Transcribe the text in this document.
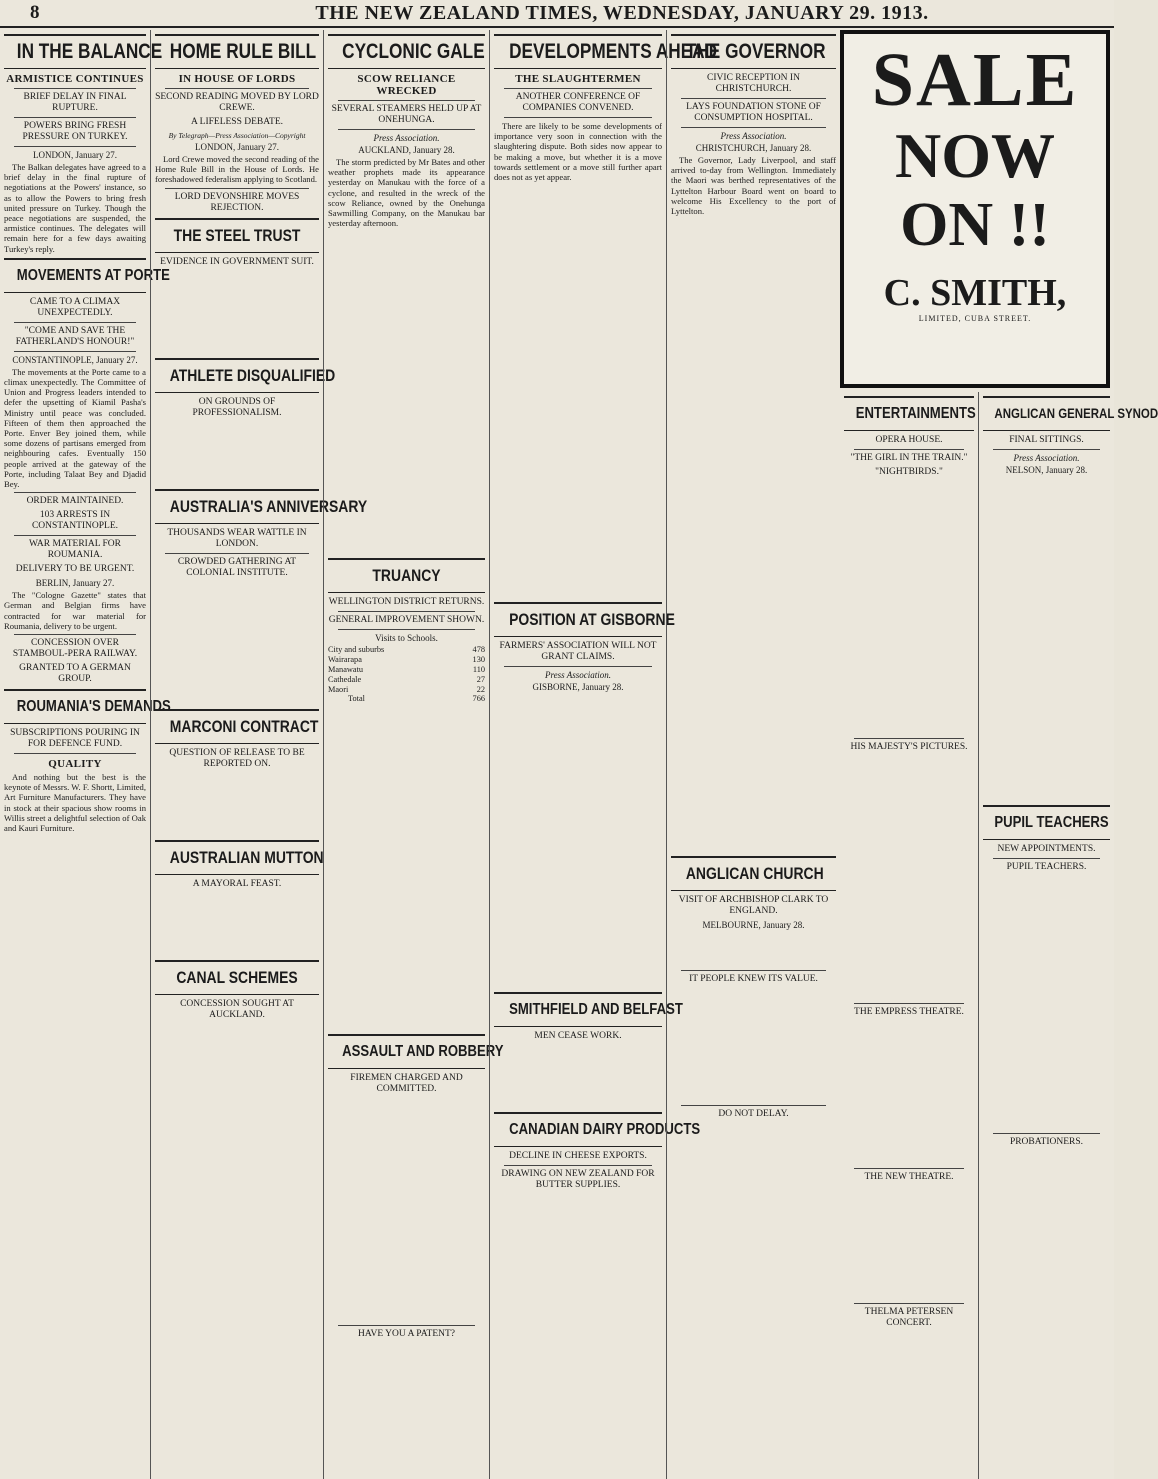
8	THE NEW ZEALAND TIMES, WEDNESDAY, JANUARY 29. 1913.
IN THE BALANCE
ARMISTICE CONTINUES
BRIEF DELAY IN FINAL RUPTURE.
POWERS BRING FRESH PRESSURE ON TURKEY.
LONDON, January 27.

The Balkan delegates have agreed to a brief delay in the final rupture of negotiations at the Powers' instance, so as to allow the Powers to bring fresh united pressure on Turkey. Though the peace negotiations are suspended, the armistice continues. The delegates will remain here for a few days awaiting Turkey's reply.

MOVEMENTS AT PORTE
CAME TO A CLIMAX UNEXPECTEDLY.
"COME AND SAVE THE FATHERLAND'S HONOUR!"
CONSTANTINOPLE, January 27.

The movements at the Porte came to a climax unexpectedly. The Committee of Union and Progress leaders intended to defer the upsetting of Kiamil Pasha's Ministry until peace was concluded. Fifteen of them then approached the Porte. Enver Bey joined them, while some dozens of partisans emerged from neighbouring cafes. Eventually 150 people arrived at the gateway of the Porte, including Talaat Bey and Djadid Bey.

ORDER MAINTAINED.
103 ARRESTS IN CONSTANTINOPLE.
WAR MATERIAL FOR ROUMANIA.
DELIVERY TO BE URGENT.
BERLIN, January 27.

The "Cologne Gazette" states that German and Belgian firms have contracted for war material for Roumania, delivery to be urgent.

CONCESSION OVER STAMBOUL-PERA RAILWAY.
GRANTED TO A GERMAN GROUP.
ROUMANIA'S DEMANDS
SUBSCRIPTIONS POURING IN FOR DEFENCE FUND.
QUALITY

And nothing but the best is the keynote of Messrs. W. F. Shortt, Limited, Art Furniture Manufacturers. They have in stock at their spacious show rooms in Willis street a delightful selection of Oak and Kauri Furniture.

HOME RULE BILL
IN HOUSE OF LORDS
SECOND READING MOVED BY LORD CREWE.
A LIFELESS DEBATE.
By Telegraph—Press Association—Copyright
LONDON, January 27.

Lord Crewe moved the second reading of the Home Rule Bill in the House of Lords. He foreshadowed federalism applying to Scotland.

LORD DEVONSHIRE MOVES REJECTION.
THE STEEL TRUST
EVIDENCE IN GOVERNMENT SUIT.
ATHLETE DISQUALIFIED
ON GROUNDS OF PROFESSIONALISM.
AUSTRALIA'S ANNIVERSARY
THOUSANDS WEAR WATTLE IN LONDON.
CROWDED GATHERING AT COLONIAL INSTITUTE.
MARCONI CONTRACT
QUESTION OF RELEASE TO BE REPORTED ON.
AUSTRALIAN MUTTON
A MAYORAL FEAST.
CANAL SCHEMES
CONCESSION SOUGHT AT AUCKLAND.
CYCLONIC GALE
SCOW RELIANCE WRECKED
SEVERAL STEAMERS HELD UP AT ONEHUNGA.
Press Association.
AUCKLAND, January 28.

The storm predicted by Mr Bates and other weather prophets made its appearance yesterday on Manukau with the force of a cyclone, and resulted in the wreck of the scow Reliance, owned by the Onehunga Sawmilling Company, on the Manukau bar yesterday afternoon.

TRUANCY
WELLINGTON DISTRICT RETURNS.
GENERAL IMPROVEMENT SHOWN.
Visits to Schools.
City and suburbs	478
Wairarapa	130
Manawatu	110
Cathedale	27
Maori	22
Total	766
ASSAULT AND ROBBERY
FIREMEN CHARGED AND COMMITTED.
HAVE YOU A PATENT?
DEVELOPMENTS AHEAD
THE SLAUGHTERMEN
ANOTHER CONFERENCE OF COMPANIES CONVENED.

There are likely to be some developments of importance very soon in connection with the slaughtering dispute. Both sides now appear to be making a move, but whether it is a move towards settlement or a move still further apart does not as yet appear.

POSITION AT GISBORNE
FARMERS' ASSOCIATION WILL NOT GRANT CLAIMS.
Press Association.
GISBORNE, January 28.
SMITHFIELD AND BELFAST
MEN CEASE WORK.
CANADIAN DAIRY PRODUCTS
DECLINE IN CHEESE EXPORTS.
DRAWING ON NEW ZEALAND FOR BUTTER SUPPLIES.
THE GOVERNOR
CIVIC RECEPTION IN CHRISTCHURCH.
LAYS FOUNDATION STONE OF CONSUMPTION HOSPITAL.
Press Association.
CHRISTCHURCH, January 28.

The Governor, Lady Liverpool, and staff arrived to-day from Wellington. Immediately the Maori was berthed representatives of the Lyttelton Harbour Board went on board to welcome His Excellency to the port of Lyttelton.

ANGLICAN CHURCH
VISIT OF ARCHBISHOP CLARK TO ENGLAND.
MELBOURNE, January 28.
IT PEOPLE KNEW ITS VALUE.
DO NOT DELAY.
SALE
NOW
ON !!
C. SMITH,
LIMITED, CUBA STREET.
ENTERTAINMENTS
OPERA HOUSE.
"THE GIRL IN THE TRAIN."
"NIGHTBIRDS."
HIS MAJESTY'S PICTURES.
THE EMPRESS THEATRE.
THE NEW THEATRE.
THELMA PETERSEN CONCERT.
ANGLICAN GENERAL SYNOD
FINAL SITTINGS.
Press Association.
NELSON, January 28.
PUPIL TEACHERS
NEW APPOINTMENTS.
PUPIL TEACHERS.
PROBATIONERS.
